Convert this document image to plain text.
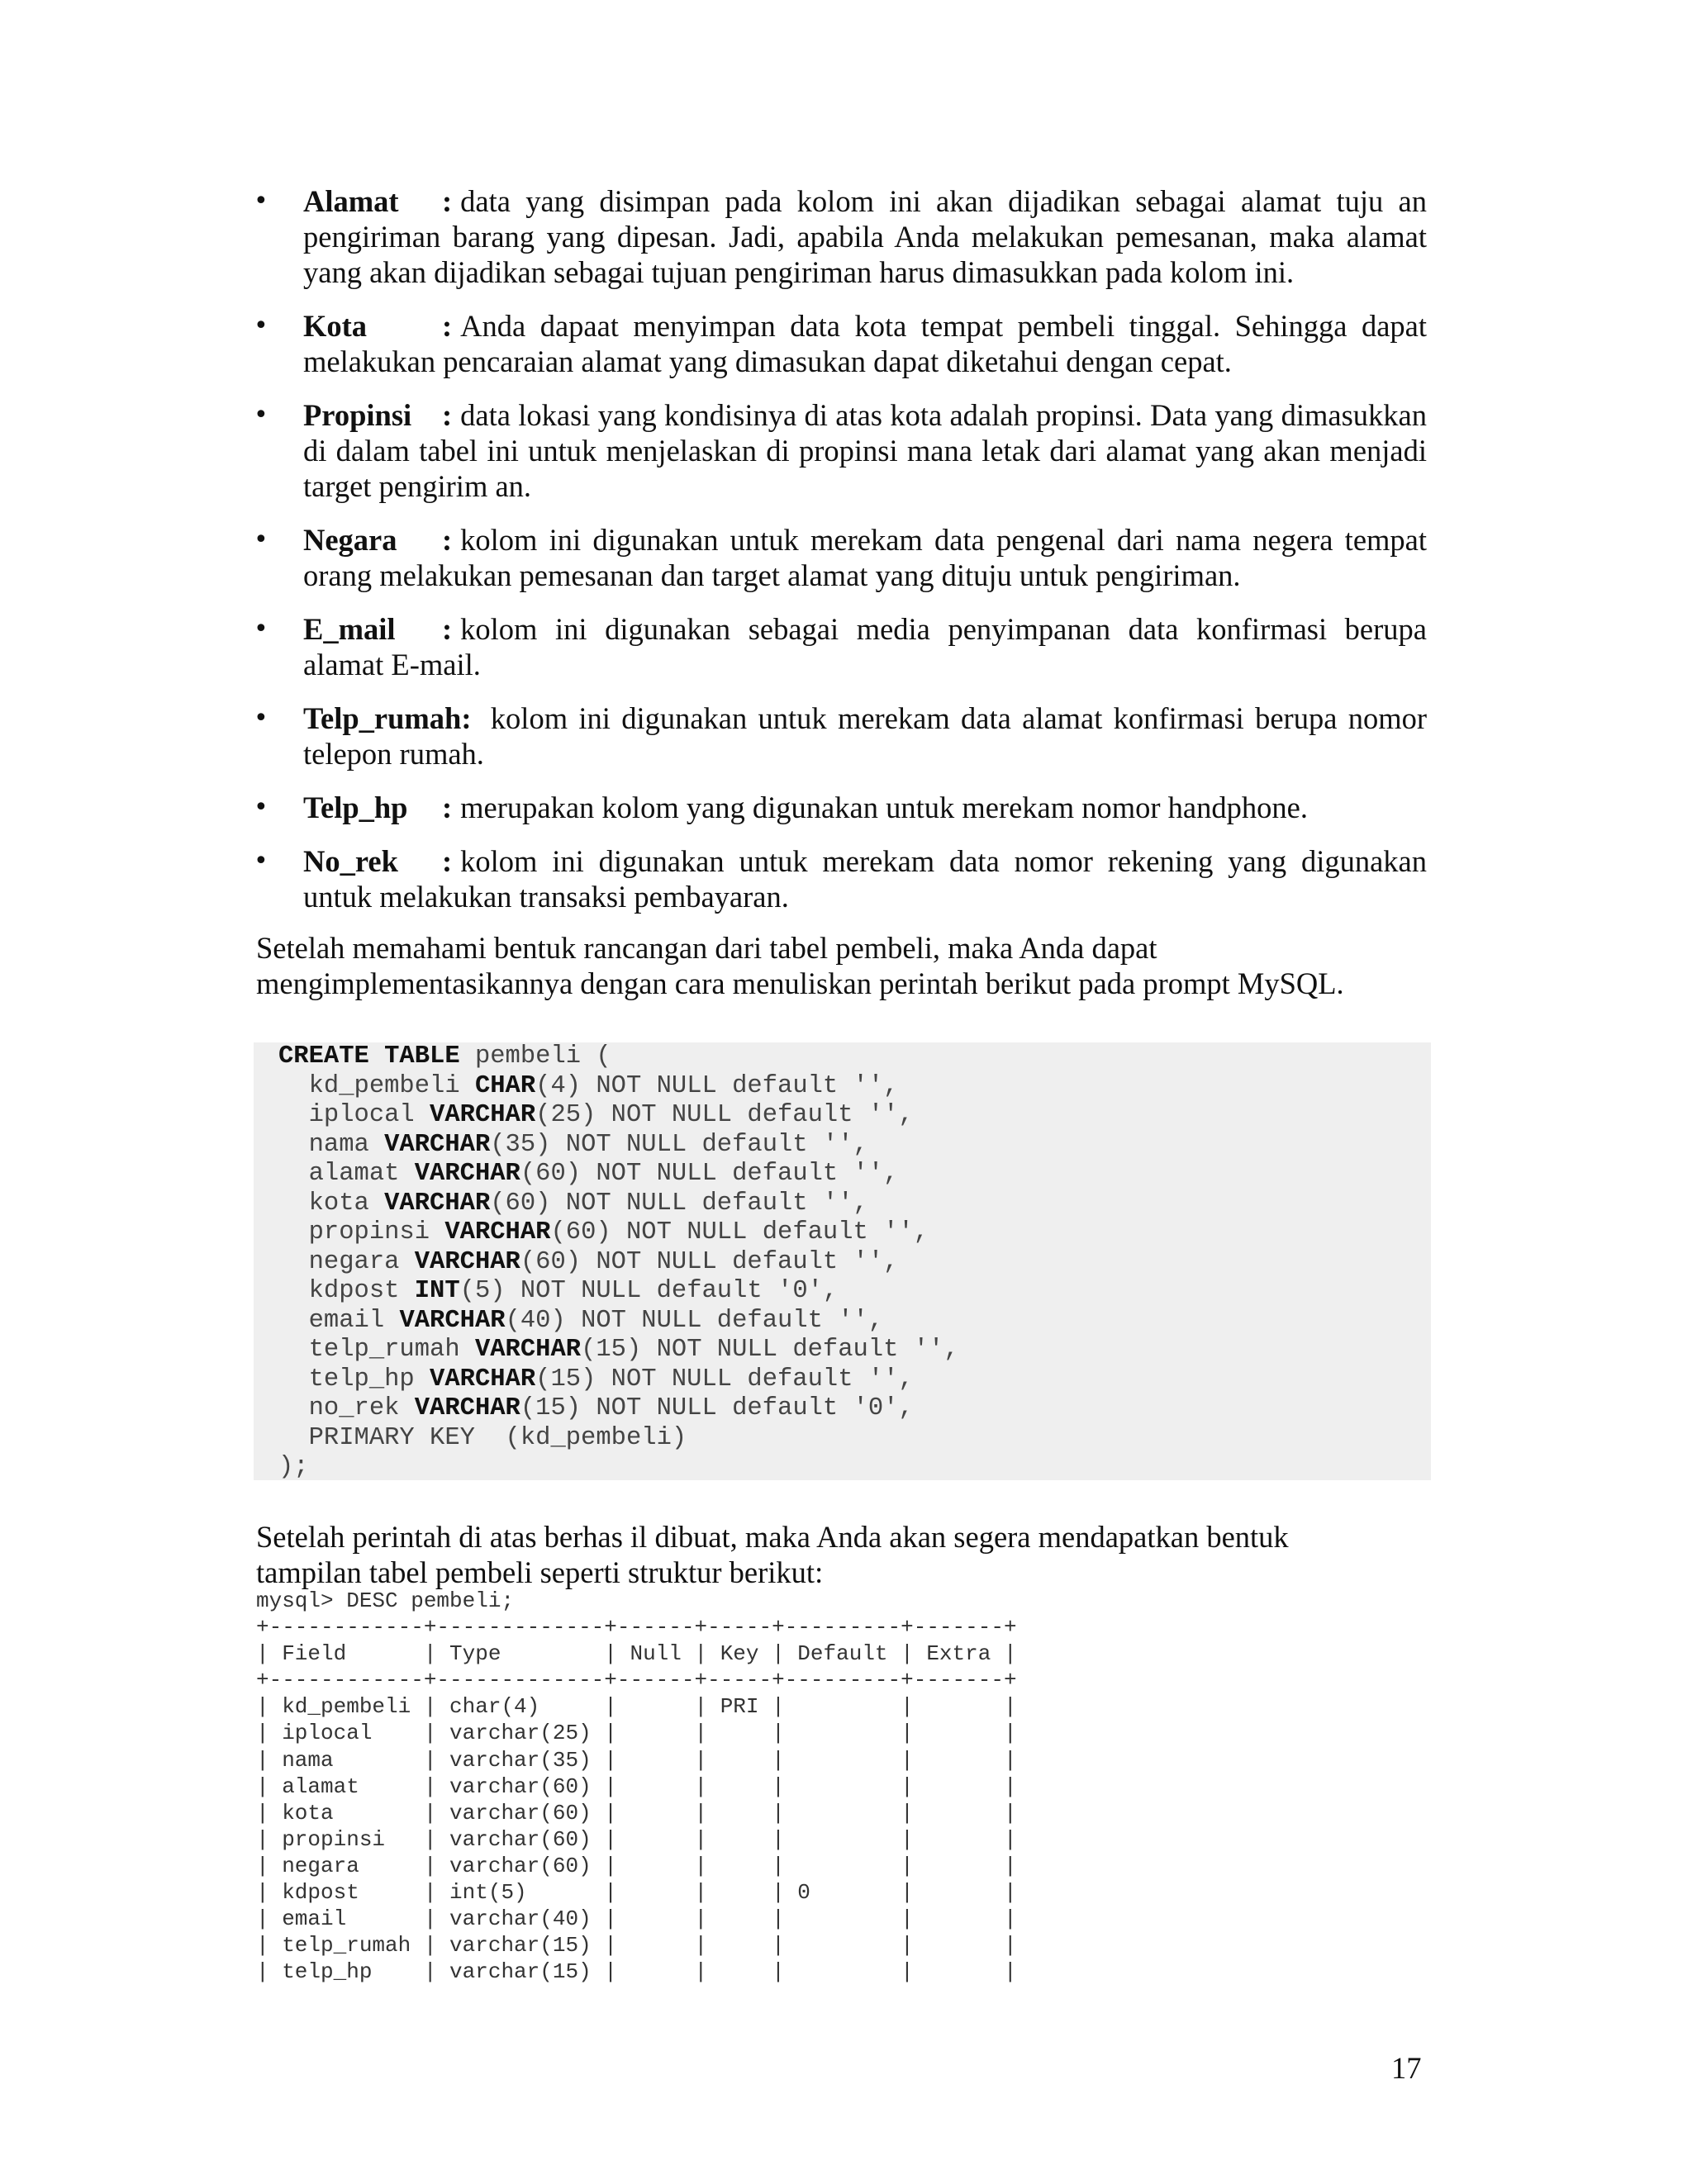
• Alamat : data yang disimpan pada kolom ini akan dijadikan sebagai alamat tuju an pengiriman barang yang dipesan. Jadi, apabila Anda melakukan pemesanan, maka alamat yang akan dijadikan sebagai tujuan pengiriman harus dimasukkan pada kolom ini.
• Kota : Anda dapaat menyimpan data kota tempat pembeli tinggal. Sehingga dapat melakukan pencaraian alamat yang dimasukan dapat diketahui dengan cepat.
• Propinsi : data lokasi yang kondisinya di atas kota adalah propinsi. Data yang dimasukkan di dalam tabel ini untuk menjelaskan di propinsi mana letak dari alamat yang akan menjadi target pengirim an.
• Negara : kolom ini digunakan untuk merekam data pengenal dari nama negera tempat orang melakukan pemesanan dan target alamat yang dituju untuk pengiriman.
• E_mail : kolom ini digunakan sebagai media penyimpanan data konfirmasi berupa alamat E-mail.
• Telp_rumah: kolom ini digunakan untuk merekam data alamat konfirmasi berupa nomor telepon rumah.
• Telp_hp : merupakan kolom yang digunakan untuk merekam nomor handphone.
• No_rek : kolom ini digunakan untuk merekam data nomor rekening yang digunakan untuk melakukan transaksi pembayaran.
Setelah memahami bentuk rancangan dari tabel pembeli, maka Anda dapat
mengimplementasikannya dengan cara menuliskan perintah berikut pada prompt MySQL.
CREATE TABLE pembeli (
kd_pembeli CHAR(4) NOT NULL default '',
iplocal VARCHAR(25) NOT NULL default '',
nama VARCHAR(35) NOT NULL default '',
alamat VARCHAR(60) NOT NULL default '',
kota VARCHAR(60) NOT NULL default '',
propinsi VARCHAR(60) NOT NULL default '',
negara VARCHAR(60) NOT NULL default '',
kdpost INT(5) NOT NULL default '0',
email VARCHAR(40) NOT NULL default '',
telp_rumah VARCHAR(15) NOT NULL default '',
telp_hp VARCHAR(15) NOT NULL default '',
no_rek VARCHAR(15) NOT NULL default '0',
PRIMARY KEY  (kd_pembeli)
);
Setelah perintah di atas berhas il dibuat, maka Anda akan segera mendapatkan bentuk
tampilan tabel pembeli seperti struktur berikut:
mysql> DESC pembeli;
+------------+-------------+------+-----+---------+-------+
| Field      | Type        | Null | Key | Default | Extra |
+------------+-------------+------+-----+---------+-------+
| kd_pembeli | char(4)     |      | PRI |         |       |
| iplocal    | varchar(25) |      |     |         |       |
| nama       | varchar(35) |      |     |         |       |
| alamat     | varchar(60) |      |     |         |       |
| kota       | varchar(60) |      |     |         |       |
| propinsi   | varchar(60) |      |     |         |       |
| negara     | varchar(60) |      |     |         |       |
| kdpost     | int(5)      |      |     | 0       |       |
| email      | varchar(40) |      |     |         |       |
| telp_rumah | varchar(15) |      |     |         |       |
| telp_hp    | varchar(15) |      |     |         |       |
17
